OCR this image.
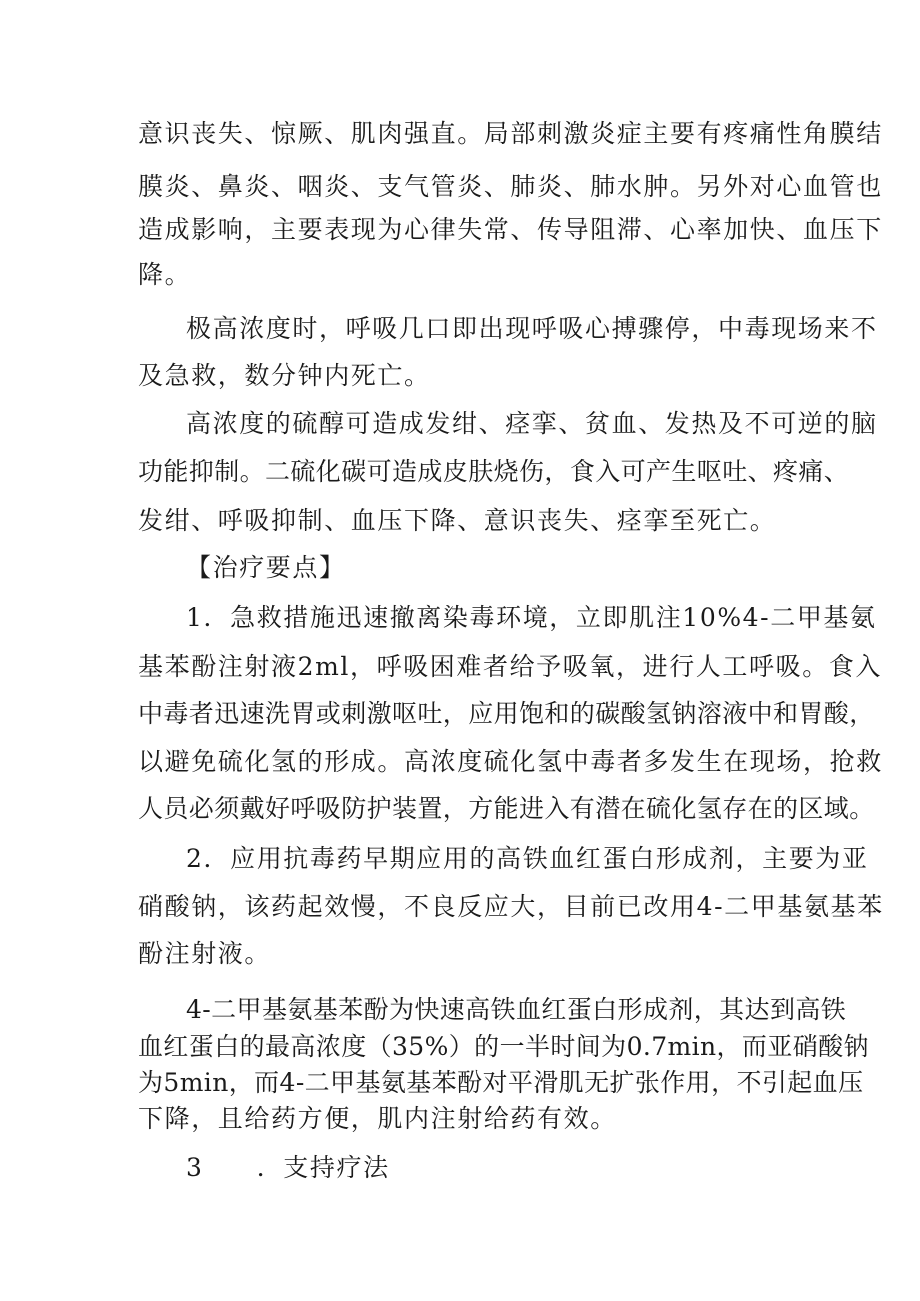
意识丧失、惊厥、肌肉强直。局部刺激炎症主要有疼痛性角膜结
膜炎、鼻炎、咽炎、支气管炎、肺炎、肺水肿。另外对心血管也
造成影响，主要表现为心律失常、传导阻滞、心率加快、血压下
降。
极高浓度时，呼吸几口即出现呼吸心搏骤停，中毒现场来不
及急救，数分钟内死亡。
高浓度的硫醇可造成发绀、痉挛、贫血、发热及不可逆的脑
功能抑制。二硫化碳可造成皮肤烧伤，食入可产生呕吐、疼痛、
发绀、呼吸抑制、血压下降、意识丧失、痉挛至死亡。
【治疗要点】
1．急救措施迅速撤离染毒环境，立即肌注10%4-二甲基氨
基苯酚注射液2ml，呼吸困难者给予吸氧，进行人工呼吸。食入
中毒者迅速洗胃或刺激呕吐，应用饱和的碳酸氢钠溶液中和胃酸，
以避免硫化氢的形成。高浓度硫化氢中毒者多发生在现场，抢救
人员必须戴好呼吸防护装置，方能进入有潜在硫化氢存在的区域。
2．应用抗毒药早期应用的高铁血红蛋白形成剂，主要为亚
硝酸钠，该药起效慢，不良反应大，目前已改用4-二甲基氨基苯
酚注射液。
4-二甲基氨基苯酚为快速高铁血红蛋白形成剂，其达到高铁
血红蛋白的最高浓度（35%）的一半时间为0.7min，而亚硝酸钠
为5min，而4-二甲基氨基苯酚对平滑肌无扩张作用，不引起血压
下降，且给药方便，肌内注射给药有效。
3　　．支持疗法
